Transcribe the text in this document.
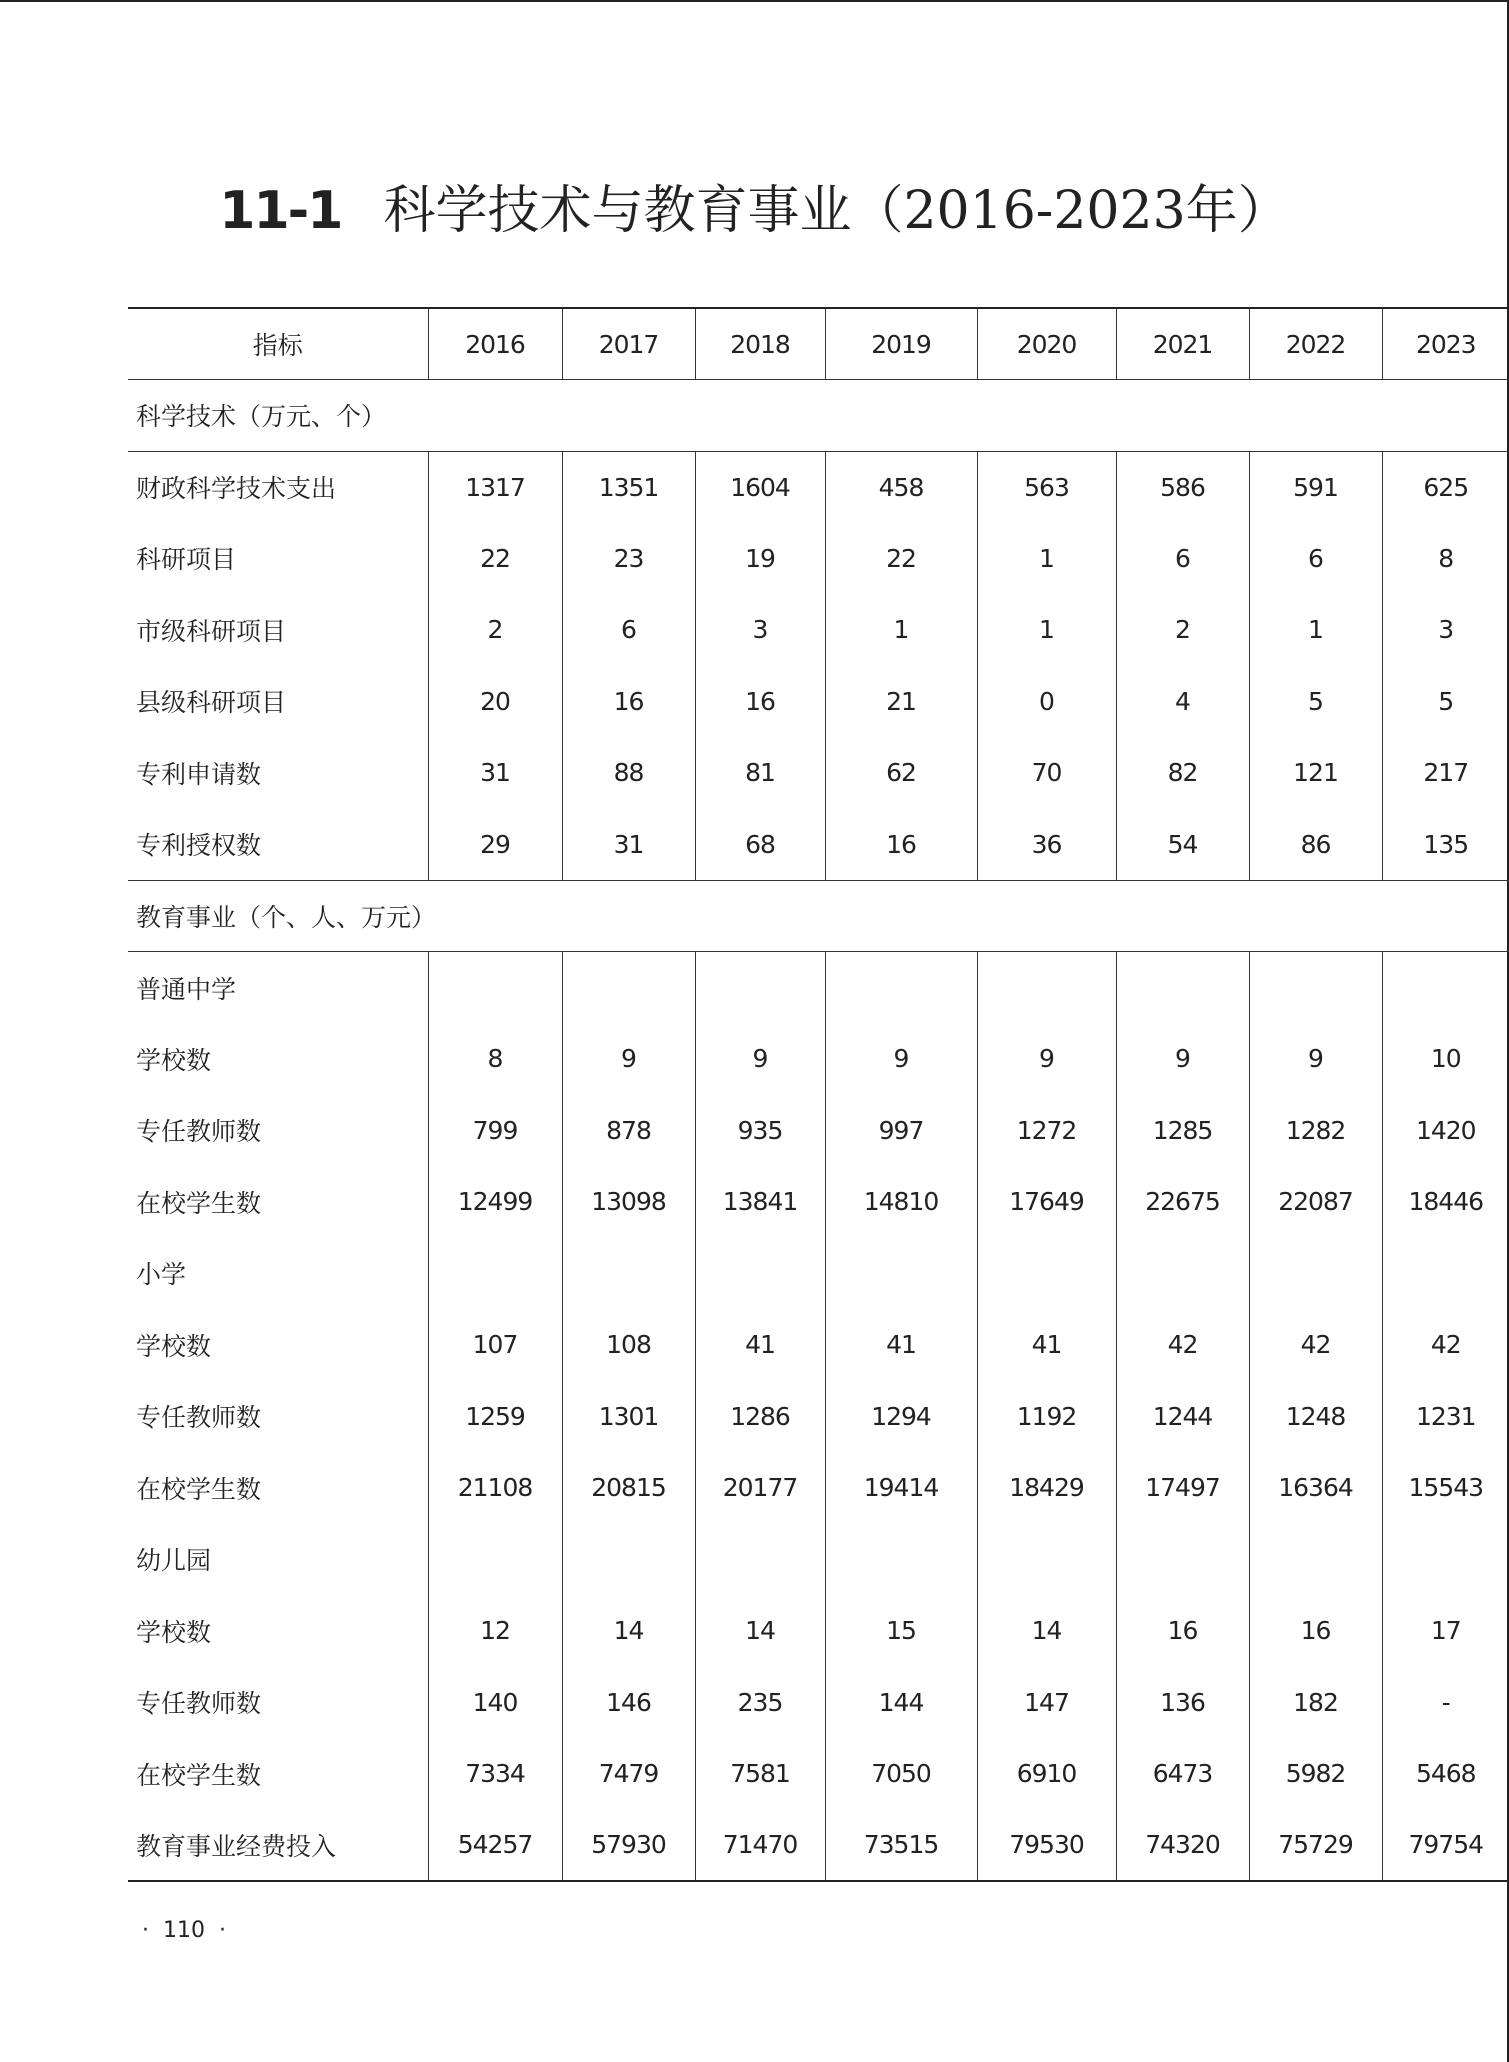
11-1 科学技术与教育事业（2016-2023年）
指标	2016	2017	2018	2019	2020	2021	2022	2023
科学技术（万元、个）								
财政科学技术支出	1317	1351	1604	458	563	586	591	625
科研项目	22	23	19	22	1	6	6	8
市级科研项目	2	6	3	1	1	2	1	3
县级科研项目	20	16	16	21	0	4	5	5
专利申请数	31	88	81	62	70	82	121	217
专利授权数	29	31	68	16	36	54	86	135
教育事业（个、人、万元）								
普通中学								
学校数	8	9	9	9	9	9	9	10
专任教师数	799	878	935	997	1272	1285	1282	1420
在校学生数	12499	13098	13841	14810	17649	22675	22087	18446
小学								
学校数	107	108	41	41	41	42	42	42
专任教师数	1259	1301	1286	1294	1192	1244	1248	1231
在校学生数	21108	20815	20177	19414	18429	17497	16364	15543
幼儿园								
学校数	12	14	14	15	14	16	16	17
专任教师数	140	146	235	144	147	136	182	-
在校学生数	7334	7479	7581	7050	6910	6473	5982	5468
教育事业经费投入	54257	57930	71470	73515	79530	74320	75729	79754
· 110 ·
